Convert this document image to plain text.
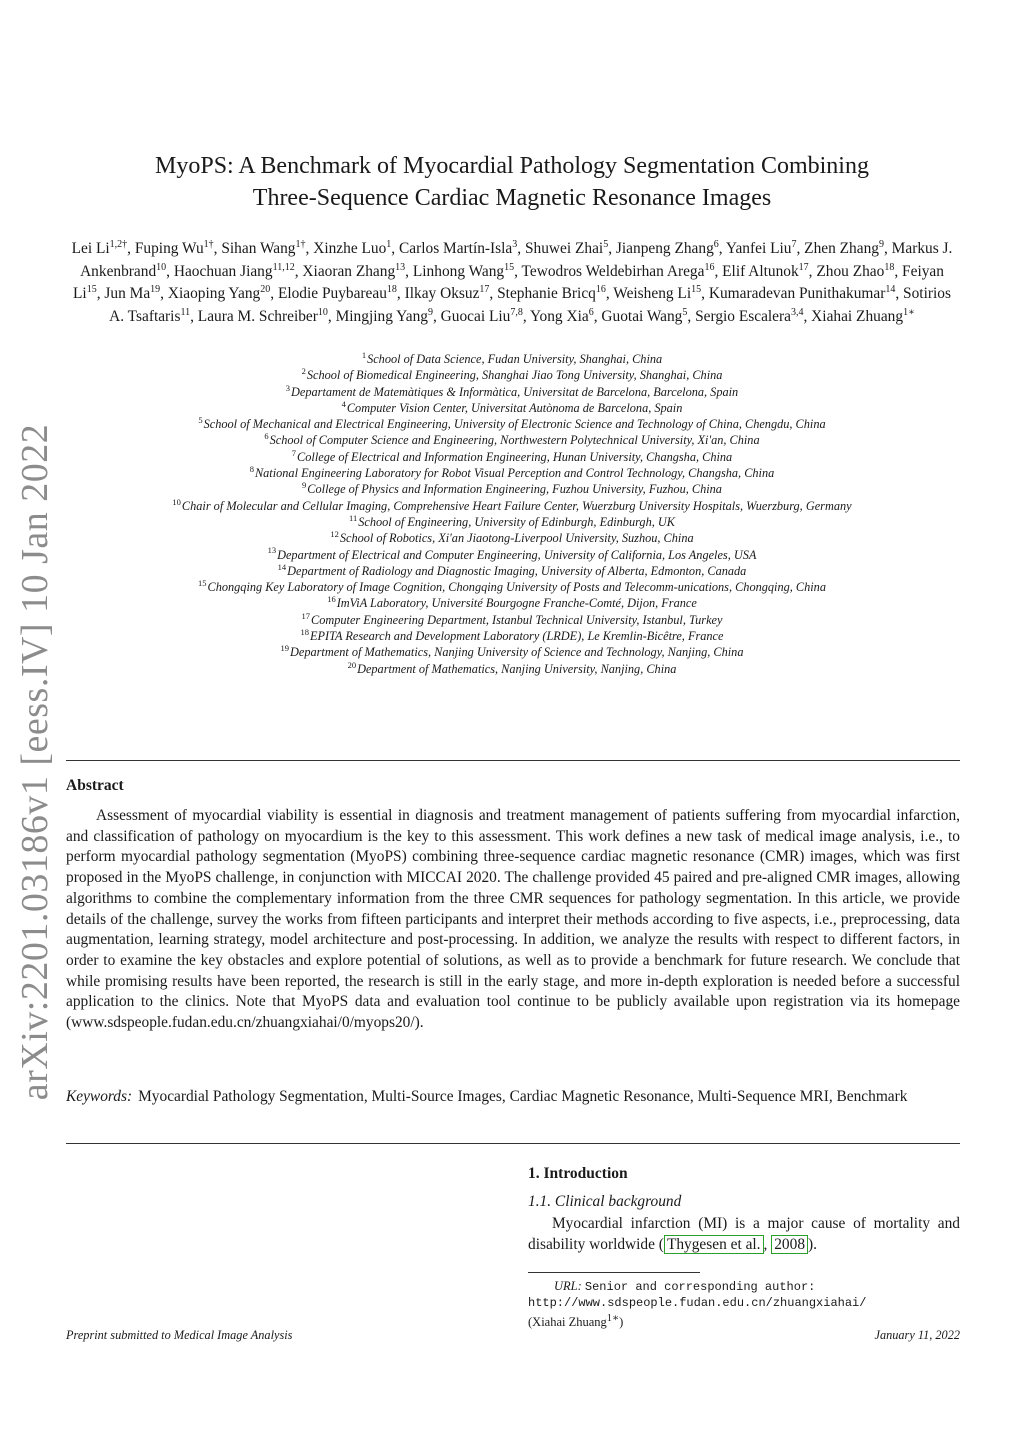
arXiv:2201.03186v1 [eess.IV] 10 Jan 2022
MyoPS: A Benchmark of Myocardial Pathology Segmentation Combining
Three-Sequence Cardiac Magnetic Resonance Images
Lei $Li^{1,2\dagger}$, Fuping $Wu^{1\dagger}$, Sihan Wang$^{1\dagger}$, Xinzhe Luo$^1$, Carlos Martín-Isla$^3$, Shuwei Zhai$^5$, Jianpeng Zhang$^6$, Yanfei Liu$^7$, Zhen Zhang$^9$, Markus J. Ankenbrand$^{10}$, Haochuan Jiang$^{11,12}$, Xiaoran Zhang$^{13}$, Linhong Wang$^{15}$, Tewodros Weldebirhan Arega$^{16}$, Elif Altunok$^{17}$, Zhou Zhao$^{18}$, Feiyan Li$^{15}$, Jun Ma$^{19}$, Xiaoping Yang$^{20}$, Elodie Puybareau$^{18}$, Ilkay Oksuz$^{17}$, Stephanie Bricq$^{16}$, Weisheng Li$^{15}$, Kumaradevan Punithakumar$^{14}$, Sotirios A. Tsaftaris$^{11}$, Laura M. Schreiber$^{10}$, Mingjing Yang$^9$, Guocai Liu$^{7,8}$, Yong Xia$^6$, Guotai Wang$^5$, Sergio Escalera$^{3,4}$, Xiahai Zhuang$^{1∗}$
$^1$School of Data Science, Fudan University, Shanghai, China
$^2$School of Biomedical Engineering, Shanghai Jiao Tong University, Shanghai, China
$^3$Departament de Matemàtiques & Informàtica, Universitat de Barcelona, Barcelona, Spain
$^4$Computer Vision Center, Universitat Autònoma de Barcelona, Spain
$^5$School of Mechanical and Electrical Engineering, University of Electronic Science and Technology of China, Chengdu, China
$^6$School of Computer Science and Engineering, Northwestern Polytechnical University, Xi'an, China
$^7$College of Electrical and Information Engineering, Hunan University, Changsha, China
$^8$National Engineering Laboratory for Robot Visual Perception and Control Technology, Changsha, China
$^9$College of Physics and Information Engineering, Fuzhou University, Fuzhou, China
$^{10}$Chair of Molecular and Cellular Imaging, Comprehensive Heart Failure Center, Wuerzburg University Hospitals, Wuerzburg, Germany
$^{11}$School of Engineering, University of Edinburgh, Edinburgh, UK
$^{12}$School of Robotics, Xi'an Jiaotong-Liverpool University, Suzhou, China
$^{13}$Department of Electrical and Computer Engineering, University of California, Los Angeles, USA
$^{14}$Department of Radiology and Diagnostic Imaging, University of Alberta, Edmonton, Canada
$^{15}$Chongqing Key Laboratory of Image Cognition, Chongqing University of Posts and Telecomm-unications, Chongqing, China
$^{16}$ImViA Laboratory, Université Bourgogne Franche-Comté, Dijon, France
$^{17}$Computer Engineering Department, Istanbul Technical University, Istanbul, Turkey
$^{18}$EPITA Research and Development Laboratory (LRDE), Le Kremlin-Bicêtre, France
$^{19}$Department of Mathematics, Nanjing University of Science and Technology, Nanjing, China
$^{20}$Department of Mathematics, Nanjing University, Nanjing, China
Abstract
Assessment of myocardial viability is essential in diagnosis and treatment management of patients suffering from myocardial infarction, and classification of pathology on myocardium is the key to this assessment. This work defines a new task of medical image analysis, i.e., to perform myocardial pathology segmentation (MyoPS) combining three-sequence cardiac magnetic resonance (CMR) images, which was first proposed in the MyoPS challenge, in conjunction with MICCAI 2020. The challenge provided 45 paired and pre-aligned CMR images, allowing algorithms to combine the complementary information from the three CMR sequences for pathology segmentation. In this article, we provide details of the challenge, survey the works from fifteen participants and interpret their methods according to five aspects, i.e., preprocessing, data augmentation, learning strategy, model architecture and post-processing. In addition, we analyze the results with respect to different factors, in order to examine the key obstacles and explore potential of solutions, as well as to provide a benchmark for future research. We conclude that while promising results have been reported, the research is still in the early stage, and more in-depth exploration is needed before a successful application to the clinics. Note that MyoPS data and evaluation tool continue to be publicly available upon registration via its homepage (www.sdspeople.fudan.edu.cn/zhuangxiahai/0/myops20/).
Keywords: Myocardial Pathology Segmentation, Multi-Source Images, Cardiac Magnetic Resonance, Multi-Sequence MRI, Benchmark
1. Introduction
1.1. Clinical background

Myocardial infarction (MI) is a major cause of mortality and disability worldwide ( Thygesen et al. , 2008 ).

URL: Senior and corresponding author:
http://www.sdspeople.fudan.edu.cn/zhuangxiahai/
(Xiahai Zhuang$^{1∗}$)
Preprint submitted to Medical Image Analysis	January 11, 2022
